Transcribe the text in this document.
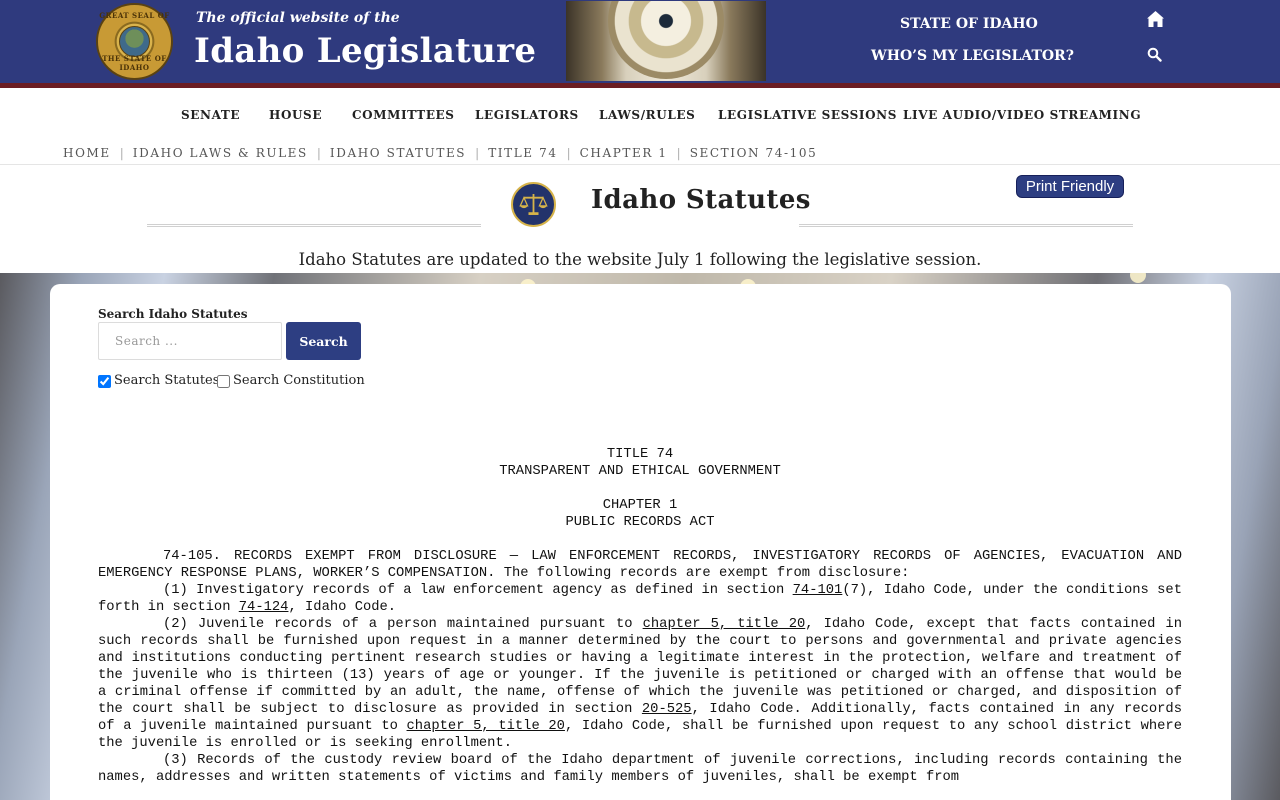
GREAT SEAL OF
THE STATE OF IDAHO
The official website of the
Idaho Legislature
STATE OF IDAHO
WHO’S MY LEGISLATOR?
SENATE HOUSE COMMITTEES LEGISLATORS LAWS/RULES LEGISLATIVE SESSIONS LIVE AUDIO/VIDEO STREAMING
HOME | IDAHO LAWS & RULES | IDAHO STATUTES | TITLE 74 | CHAPTER 1 | SECTION 74-105
Idaho Statutes	Print Friendly
Idaho Statutes are updated to the website July 1 following the legislative session.
Search Idaho Statutes
Search ...
Search
Search Statutes Search Constitution
TITLE 74
TRANSPARENT AND ETHICAL GOVERNMENT
CHAPTER 1
PUBLIC RECORDS ACT
74-105. RECORDS EXEMPT FROM DISCLOSURE — LAW ENFORCEMENT RECORDS, INVESTIGATORY RECORDS OF AGENCIES, EVACUATION AND EMERGENCY RESPONSE PLANS, WORKER’S COMPENSATION. The following records are exempt from disclosure:
(1) Investigatory records of a law enforcement agency as defined in section 74-101(7), Idaho Code, under the conditions set forth in section 74-124, Idaho Code.
(2) Juvenile records of a person maintained pursuant to chapter 5, title 20, Idaho Code, except that facts contained in such records shall be furnished upon request in a manner determined by the court to persons and governmental and private agencies and institutions conducting pertinent research studies or having a legitimate interest in the protection, welfare and treatment of the juvenile who is thirteen (13) years of age or younger. If the juvenile is petitioned or charged with an offense that would be a criminal offense if committed by an adult, the name, offense of which the juvenile was petitioned or charged, and disposition of the court shall be subject to disclosure as provided in section 20-525, Idaho Code. Additionally, facts contained in any records of a juvenile maintained pursuant to chapter 5, title 20, Idaho Code, shall be furnished upon request to any school district where the juvenile is enrolled or is seeking enrollment.
(3) Records of the custody review board of the Idaho department of juvenile corrections, including records containing the names, addresses and written statements of victims and family members of juveniles, shall be exempt from
